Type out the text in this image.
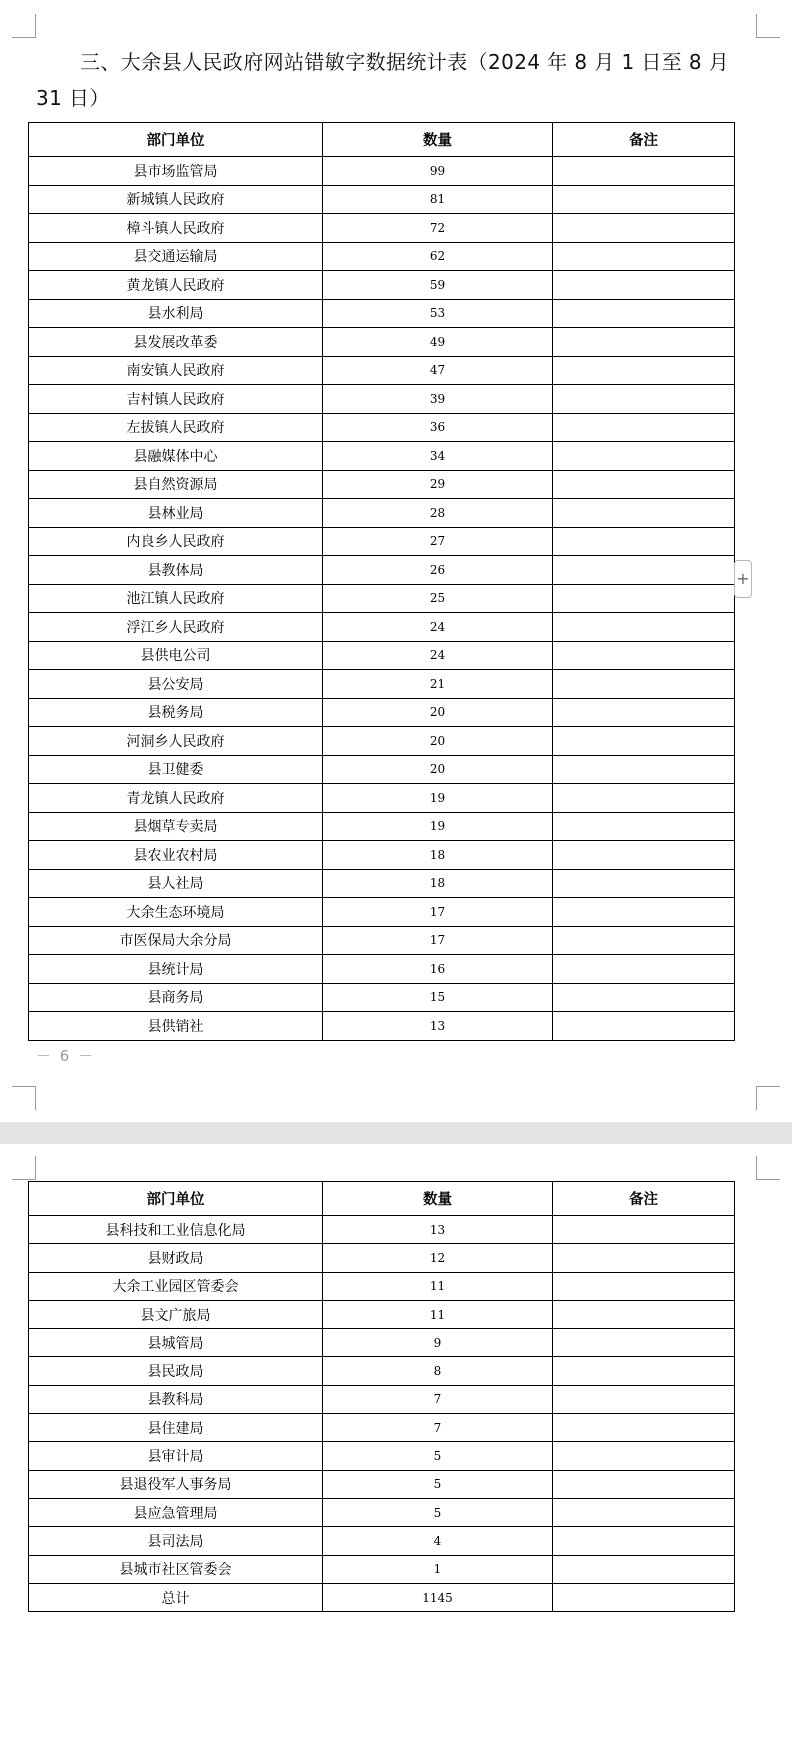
三、大余县人民政府网站错敏字数据统计表（2024 年 8 月 1 日至 8 月 31 日）
部门单位	数量	备注
县市场监管局	99	
新城镇人民政府	81	
樟斗镇人民政府	72	
县交通运输局	62	
黄龙镇人民政府	59	
县水利局	53	
县发展改革委	49	
南安镇人民政府	47	
吉村镇人民政府	39	
左拔镇人民政府	36	
县融媒体中心	34	
县自然资源局	29	
县林业局	28	
内良乡人民政府	27	
县教体局	26	
池江镇人民政府	25	
浮江乡人民政府	24	
县供电公司	24	
县公安局	21	
县税务局	20	
河洞乡人民政府	20	
县卫健委	20	
青龙镇人民政府	19	
县烟草专卖局	19	
县农业农村局	18	
县人社局	18	
大余生态环境局	17	
市医保局大余分局	17	
县统计局	16	
县商务局	15	
县供销社	13	
－ 6 －
+
部门单位	数量	备注
县科技和工业信息化局	13	
县财政局	12	
大余工业园区管委会	11	
县文广旅局	11	
县城管局	9	
县民政局	8	
县教科局	7	
县住建局	7	
县审计局	5	
县退役军人事务局	5	
县应急管理局	5	
县司法局	4	
县城市社区管委会	1	
总计	1145	
